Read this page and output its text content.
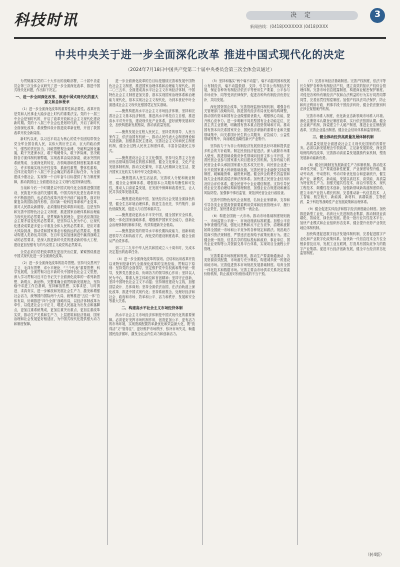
科技时讯	决 定	3
新闻热线：(0418)XXXXXXX (0418)XXXX
中共中央关于进一步全面深化改革 推进中国式现代化的决定
（2024年7月18日中国共产党第二十届中央委员会第三次全体会议通过）

为贯彻落实党的二十大作出的战略部署，二十届中央委员会第三次全体会议研究了进一步全面深化改革、推进中国式现代化问题，作出如下决定。

一、进一步全面深化改革、推进中国式现代化的重大意义和总体要求

（1）进一步全面深化改革的重要性和必要性。改革开放是党和人民事业大踏步赶上时代的重要法宝。党的十一届三中全会是划时代的，开启了改革开放和社会主义现代化建设新时期。党的十八届三中全会也是划时代的，开启了新时代全面深化改革、系统整体设计推进改革新征程，开创了我国改革开放全新局面。

新时代以来，以习近平同志为核心的党中央团结带领全党全军全国各族人民，以伟大的历史主动、巨大的政治勇气、强烈的责任担当，冲破思想观念束缚，突破利益固化藩篱，敢于突进深水区，敢于啃硬骨头，敢于涉险滩，坚决破除各方面体制机制弊端，实现改革由局部探索、破冰突围到系统集成、全面深化的转变，各领域基础性制度框架基本建立，许多领域实现历史性变革、系统性重塑、整体性重构，总体完成党的十八届三中全会确定的改革目标任务，为全面建成小康社会、实现第一个百年奋斗目标提供了有力制度保障，推动我国迈上全面建设社会主义现代化国家新征程。

当前和今后一个时期是以中国式现代化全面推进强国建设、民族复兴伟业的关键时期。中国式现代化是在改革开放中不断推进的，也必将在改革开放中开辟广阔前景。面对纷繁复杂的国际国内形势，面对新一轮科技革命和产业变革，面对人民群众新期待，必须继续把改革推向前进。这是坚持和完善中国特色社会主义制度、推进国家治理体系和治理能力现代化的必然要求，是贯彻新发展理念、更好适应我国社会主要矛盾变化的必然要求，是坚持以人民为中心、让现代化建设成果更多更公平惠及全体人民的必然要求，是应对重大风险挑战、推动党和国家事业行稳致远的必然要求，是推动构建人类命运共同体、在百年变局加速演进中赢得战略主动的必然要求，是深入推进新时代党的建设新的伟大工程、建设更加坚强有力的马克思主义政党的必然要求。

全党必须自觉把改革摆在更加突出位置，紧紧围绕推进中国式现代化进一步全面深化改革。

（2）进一步全面深化改革的指导思想。坚持马克思列宁主义、毛泽东思想、邓小平理论、“三个代表”重要思想、科学发展观，全面贯彻习近平新时代中国特色社会主义思想，深入学习贯彻习近平总书记关于全面深化改革的一系列新思想、新观点、新论断，完整准确全面贯彻新发展理念，坚持稳中求进工作总基调，坚持解放思想、实事求是、与时俱进、求真务实，进一步解放和发展社会生产力、激发和增强社会活力，统筹国内国际两个大局，统筹推进“五位一体”总体布局，协调推进“四个全面”战略布局，以经济体制改革为牵引，以促进社会公平正义、增进人民福祉为出发点和落脚点，更加注重系统集成，更加注重突出重点，更加注重改革实效，推动生产关系和生产力、上层建筑和经济基础、国家治理和社会发展更好相适应，为中国式现代化提供强大动力和制度保障。

进一步全面深化改革的总目标是继续完善和发展中国特色社会主义制度，推进国家治理体系和治理能力现代化。到二〇三五年，全面建成高水平社会主义市场经济体制，中国特色社会主义制度更加完善，基本实现国家治理体系和治理能力现代化，基本实现社会主义现代化，为到本世纪中叶全面建成社会主义现代化强国奠定坚实基础。

——聚焦构建高水平社会主义市场经济体制，坚持和完善社会主义基本经济制度，推进高水平科技自立自强，推进高水平对外开放，建设现代化产业体系，更好统筹发展和安全，加快构建新发展格局，推动高质量发展。

——聚焦发展全过程人民民主，坚持党的领导、人民当家作主、依法治国有机统一，推动人民代表大会制度理论和实践创新，加强基层民主建设，完善社会主义协商民主制度机制，健全全过程人民民主制度体系，丰富各层级民主形式。

——聚焦建设社会主义文化强国，坚持马克思主义在意识形态领域指导地位的根本制度，健全文化事业、文化产业发展体制机制，推动文化繁荣，丰富人民精神文化生活，提升国家文化软实力和中华文化影响力。

——聚焦提高人民生活品质，完善收入分配和就业制度，健全社会保障体系，增强基本公共服务均衡性和可及性，推动人口高质量发展，在发展中保障和改善民生，让人民共享改革发展成果。

——聚焦建设美丽中国，加快经济社会发展全面绿色转型，健全生态环境治理体系，推进生态优先、节约集约、绿色低碳发展，促进人与自然和谐共生。

——聚焦建设更高水平平安中国，健全国家安全体系，强化一体化国家战略体系，增强维护国家安全能力，创新社会治理体制机制和手段，有效构建新安全格局。

——聚焦提高党的领导水平和长期执政能力，创新和改进领导方式和执政方式，深化党的建设制度改革，健全全面从严治党体系。

到二〇二九年中华人民共和国成立八十周年时，完成本决定提出的改革任务。

（4）进一步全面深化改革的原则。总结和运用改革开放以来特别是新时代全面深化改革的宝贵经验，贯彻以下原则：坚持党的全面领导，坚定维护党中央权威和集中统一领导，发挥党总揽全局、协调各方的领导核心作用；坚持以人民为中心，尊重人民主体地位和首创精神；坚持守正创新，坚持中国特色社会主义不动摇；坚持制度建设为主线，加强顶层设计、总体谋划；坚持全面依法治国，在法治轨道上深化改革、推进中国式现代化；坚持系统观念，处理好经济和社会、政府和市场、效率和公平、活力和秩序、发展和安全等重大关系。

二、构建高水平社会主义市场经济体制

高水平社会主义市场经济体制是中国式现代化的重要保障。必须更好发挥市场机制作用，创造更加公平、更有活力的市场环境，实现资源配置效率最优化和效益最大化，既“放得活”又“管得住”，更好维护市场秩序、弥补市场失灵，畅通国民经济循环，激发全社会内生动力和创新活力。

（5）坚持和落实“两个毫不动摇”。毫不动摇巩固和发展公有制经济，毫不动摇鼓励、支持、引导非公有制经济发展，保证各种所有制经济依法平等使用生产要素、公平参与市场竞争、同等受到法律保护，促进各种所有制经济优势互补、共同发展。

深化国资国企改革，完善管理监督体制机制，增强各有关管理部门战略协同，推进国有经济布局优化和结构调整，推动国有资本和国有企业做强做优做大，增强核心功能，提升核心竞争力。进一步明晰不同类型国有企业功能定位，完善主责主业管理，明确国有资本重点投资领域和方向。推动国有资本向关系国家安全、国民经济命脉的重要行业和关键领域集中，向关系国计民生的公共服务、应急能力、公益性领域等集中，向前瞻性战略性新兴产业集中。

坚持致力于为非公有制经济发展营造良好环境和提供更多机会的方针政策。制定民营经济促进法。深入破除市场准入壁垒，推进基础设施竞争性领域向经营主体公平开放，完善民营企业参与国家重大项目建设长效机制。支持有能力的民营企业牵头承担国家重大技术攻关任务，向民营企业进一步开放国家重大科研基础设施。完善民营企业融资支持政策制度，破解融资难、融资贵问题。健全涉企收费长效监管和拖欠企业账款清偿法律法规体系。加快建立民营企业信用状况综合评价体系，健全民营中小企业增信制度。支持引导民营企业完善治理结构和管理制度，加强企业合规建设和廉洁风险防控。加强事中事后监管，规范涉民营企业行政检查。

完善中国特色现代企业制度，弘扬企业家精神，支持和引导各类企业提高资源要素利用效率和经营管理水平、履行社会责任，加快建设更多世界一流企业。

（6）构建全国统一大市场。推动市场基础制度规则统一、市场监管公平统一、市场设施高标准联通。加强公平竞争审查刚性约束，强化反垄断和反不正当竞争，清理和废除妨碍全国统一市场和公平竞争的各种规定和做法。规范地方招商引资法规制度，严禁违法违规给予政策优惠行为。建立健全统一规范、信息共享的招标投标和政府、事业单位、国有企业采购等公共资源交易平台体系，实现项目全流程公开管理。

完善要素市场制度和规则，推动生产要素畅通流动、各类资源高效配置、市场潜力充分释放。构建城乡统一的建设用地市场。完善促进资本市场规范发展基础制度。培育全国一体化技术和数据市场。完善主要由市场供求关系决定要素价格机制，防止政府对价格形成的不当干预。

（7）完善市场经济基础制度。完善产权制度，依法平等长久保护各种所有制经济产权，建立高效的知识产权综合管理体制。完善市场信息披露制度，构建商业秘密保护制度。对侵犯各种所有制经济产权和合法利益的行为实行同责同罪同罚，完善惩罚性赔偿制度。加强产权执法司法保护，防止和纠正利用行政、刑事手段干预经济纠纷，健全依法甄别纠正涉企冤错案件机制。

完善市场准入制度，优化新业态新领域市场准入环境。深化注册资本认缴登记制度改革，实行依法按期认缴。健全企业破产机制，探索建立个人破产制度，推进企业注销配套改革，完善企业退出制度。健全社会信用体系和监管制度。

三、健全推动经济高质量发展体制机制

高质量发展是全面建设社会主义现代化国家的首要任务。必须以新发展理念引领改革，立足新发展阶段，深化供给侧结构性改革，完善推动高质量发展激励约束机制，塑造发展新动能新优势。

（8）健全因地制宜发展新质生产力体制机制。推动技术革命性突破、生产要素创新性配置、产业深度转型升级，推动劳动者、劳动资料、劳动对象优化组合和更新跃升，催生新产业、新模式、新动能，发展以高技术、高效能、高质量为特征的生产力。加强关键共性技术、前沿引领技术、现代工程技术、颠覆性技术创新，加强新领域新赛道制度供给，建立未来产业投入增长机制，完善推动新一代信息技术、人工智能、航空航天、新能源、新材料、高端装备、生物医药、量子科技等战略性产业发展政策和治理体系。

（9）健全促进实体经济和数字经济深度融合制度。加快推进新型工业化，培育壮大先进制造业集群，推动制造业高端化、智能化、绿色化发展。建设一批行业共性技术平台，加快产业模式和企业组织形态变革，健全提升优势产业领先地位体制机制。

加快构建促进数字经济发展体制机制，完善促进数字产业化和产业数字化政策体系。加快新一代信息技术全方位全链条普及应用，发展工业互联网，打造具有国际竞争力的数字产业集群。促进平台经济创新发展，健全平台经济常态化监管制度。

（转4版）
